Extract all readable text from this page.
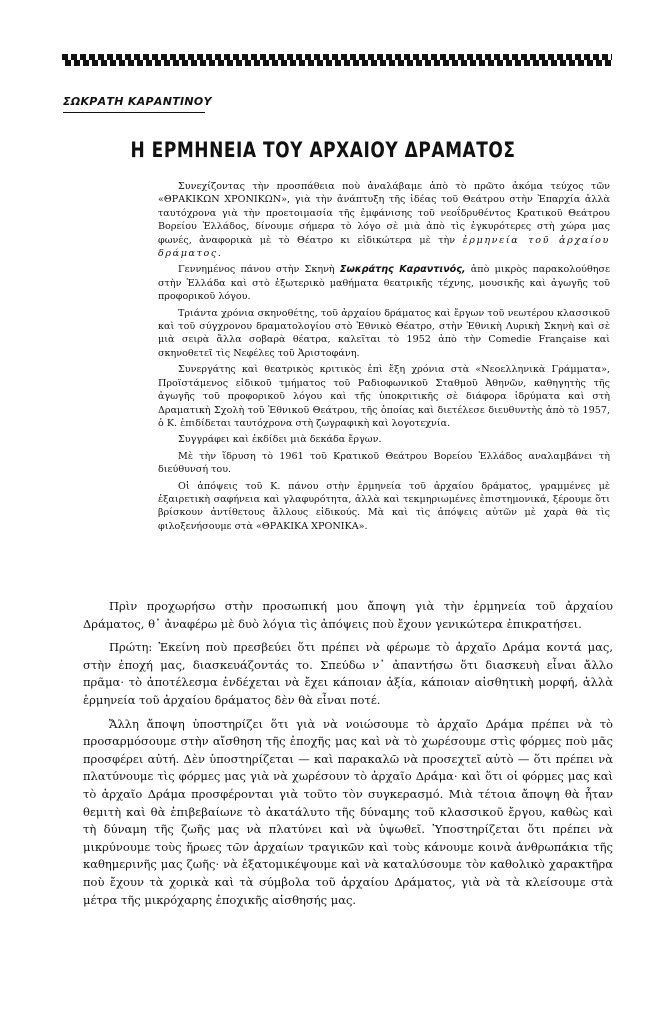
ΣΩΚΡΑΤΗ ΚΑΡΑΝΤΙΝΟΥ
Η ΕΡΜΗΝΕΙΑ ΤΟΥ ΑΡΧΑΙΟΥ ΔΡΑΜΑΤΟΣ

Συνεχίζοντας τὴν προσπάθεια ποὺ ἀναλάβαμε ἀπὸ τὸ πρῶτο ἀκόμα τεύχος τῶν «ΘΡΑΚΙΚΩΝ ΧΡΟΝΙΚΩΝ», γιὰ τὴν ἀνάπτυξη τῆς ἰδέας τοῦ Θεάτρου στὴν Ἐπαρχία ἀλλὰ ταυτόχρονα γιὰ τὴν προετοιμασία τῆς ἐμφάνισης τοῦ νεοΐδρυθέντος Κρατικοῦ Θεάτρου Βορείου Ἑλλάδος, δίνουμε σήμερα τὸ λόγο σὲ μιὰ ἀπὸ τὶς ἐγκυρότερες στὴ χώρα μας φωνές, ἀναφορικὰ μὲ τὸ Θέατρο κι εἰδικώτερα μὲ τὴν ἑρμηνεία τοῦ ἀρχαίου δράματος.

Γεννημένος πάνου στὴν Σκηνὴ Σωκράτης Καραντινός, ἀπὸ μικρὸς παρακολούθησε στὴν Ἑλλάδα καὶ στὸ ἐξωτερικὸ μαθήματα θεατρικῆς τέχνης, μουσικῆς καὶ ἀγωγῆς τοῦ προφορικοῦ λόγου.

Τριάντα χρόνια σκηνοθέτης, τοῦ ἀρχαίου δράματος καὶ ἔργων τοῦ νεωτέρου κλασσικοῦ καὶ τοῦ σύγχρονου δραματολογίου στὸ Ἐθνικὸ Θέατρο, στὴν Ἐθνικὴ Λυρικὴ Σκηνὴ καὶ σὲ μιὰ σειρὰ ἄλλα σοβαρὰ θέατρα, καλεῖται τὸ 1952 ἀπὸ τὴν Comedie Française καὶ σκηνοθετεῖ τὶς Νεφέλες τοῦ Ἀριστοφάνη.

Συνεργάτης καὶ θεατρικὸς κριτικὸς ἐπὶ ἔξη χρόνια στὰ «Νεοελληνικὰ Γράμματα», Προϊστάμενος εἰδικοῦ τμήματος τοῦ Ραδιοφωνικοῦ Σταθμοῦ Ἀθηνῶν, καθηγητὴς τῆς ἀγωγῆς τοῦ προφορικοῦ λόγου καὶ τῆς ὑποκριτικῆς σὲ διάφορα ἱδρύματα καὶ στὴ Δραματικὴ Σχολὴ τοῦ Ἐθνικοῦ Θεάτρου, τῆς ὁποίας καὶ διετέλεσε διευθυντὴς ἀπὸ τὸ 1957, ὁ Κ. ἐπιδίδεται ταυτόχρονα στὴ ζωγραφικὴ καὶ λογοτεχνία.

Συγγράφει καὶ ἐκδίδει μιὰ δεκάδα ἔργων.

Μὲ τὴν ἵδρυση τὸ 1961 τοῦ Κρατικοῦ Θεάτρου Βορείου Ἑλλάδος αναλαμβάνει τὴ διεύθυνσή του.

Οἱ ἀπόψεις τοῦ Κ. πάνου στὴν ἑρμηνεία τοῦ ἀρχαίου δράματος, γραμμένες μὲ ἐξαιρετικὴ σαφήνεια καὶ γλαφυρότητα, ἀλλὰ καὶ τεκμηριωμένες ἐπιστημονικά, ξέρουμε ὅτι βρίσκουν ἀντίθετους ἄλλους εἰδικούς. Μὰ καὶ τὶς ἀπόψεις αὐτῶν μὲ χαρὰ θὰ τὶς φιλοξενήσουμε στὰ «ΘΡΑΚΙΚΑ ΧΡΟΝΙΚΑ».

Πρὶν προχωρήσω στὴν προσωπική μου ἄποψη γιὰ τὴν ἑρμηνεία τοῦ ἀρχαίου Δράματος, θ᾽ ἀναφέρω μὲ δυὸ λόγια τὶς ἀπόψεις ποὺ ἔχουν γενικώτερα ἐπικρατήσει.

Πρώτη: Ἐκείνη ποὺ πρεσβεύει ὅτι πρέπει νὰ φέρωμε τὸ ἀρχαῖο Δράμα κοντά μας, στὴν ἐποχή μας, διασκευάζοντάς το. Σπεύδω ν᾽ ἀπαντήσω ὅτι διασκευὴ εἶναι ἄλλο πρᾶμα· τὸ ἀποτέλεσμα ἐνδέχεται νὰ ἔχει κάποιαν ἀξία, κάποιαν αἰσθητικὴ μορφή, ἀλλὰ ἑρμηνεία τοῦ ἀρχαίου δράματος δὲν θὰ εἶναι ποτέ.

Ἄλλη ἄποψη ὑποστηρίζει ὅτι γιὰ νὰ νοιώσουμε τὸ ἀρχαῖο Δράμα πρέπει νὰ τὸ προσαρμόσουμε στὴν αἴσθηση τῆς ἐποχῆς μας καὶ νὰ τὸ χωρέσουμε στὶς φόρμες ποὺ μᾶς προσφέρει αὐτή. Δὲν ὑποστηρίζεται — καὶ παρακαλῶ νὰ προσεχτεῖ αὐτὸ — ὅτι πρέπει νὰ πλατύνουμε τὶς φόρμες μας γιὰ νὰ χωρέσουν τὸ ἀρχαῖο Δράμα· καὶ ὅτι οἱ φόρμες μας καὶ τὸ ἀρχαῖο Δράμα προσφέρονται γιὰ τοῦτο τὸν συγκερασμό. Μιὰ τέτοια ἄποψη θὰ ἦταν θεμιτὴ καὶ θὰ ἐπιβεβαίωνε τὸ ἀκατάλυτο τῆς δύναμης τοῦ κλασσικοῦ ἔργου, καθὼς καὶ τὴ δύναμη τῆς ζωῆς μας νὰ πλατύνει καὶ νὰ ὑψωθεῖ. Ὑποστηρίζεται ὅτι πρέπει νὰ μικρύνουμε τοὺς ἥρωες τῶν ἀρχαίων τραγικῶν καὶ τοὺς κάνουμε κοινὰ ἀνθρωπάκια τῆς καθημερινῆς μας ζωῆς· νὰ ἐξατομικέψουμε καὶ νὰ καταλύσουμε τὸν καθολικὸ χαρακτῆρα ποὺ ἔχουν τὰ χορικὰ καὶ τὰ σύμβολα τοῦ ἀρχαίου Δράματος, γιὰ νὰ τὰ κλείσουμε στὰ μέτρα τῆς μικρόχαρης ἐποχικῆς αἰσθησής μας.
